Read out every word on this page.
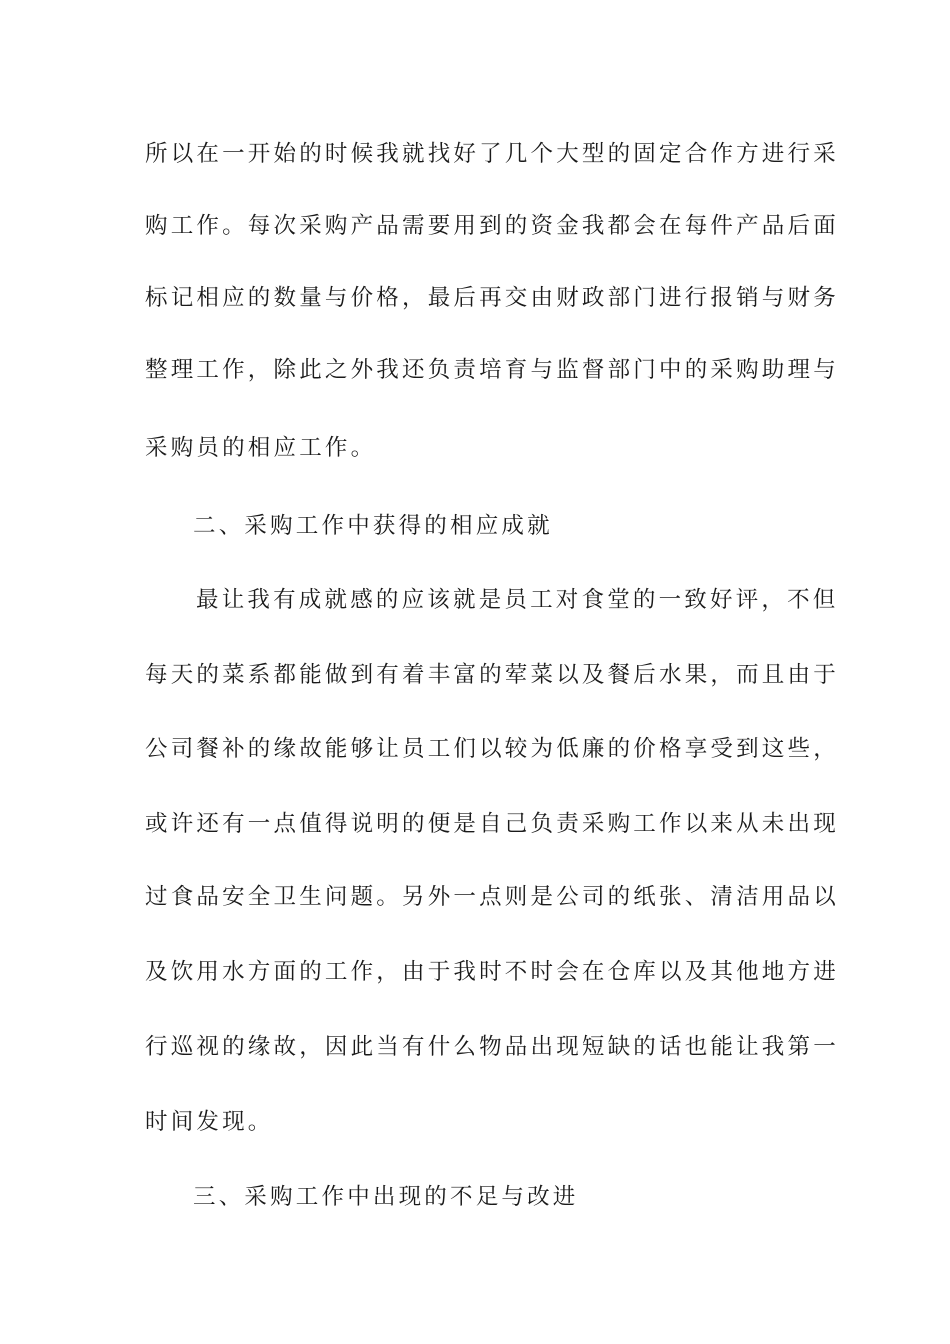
所以在一开始的时候我就找好了几个大型的固定合作方进行采
购工作。每次采购产品需要用到的资金我都会在每件产品后面
标记相应的数量与价格，最后再交由财政部门进行报销与财务
整理工作，除此之外我还负责培育与监督部门中的采购助理与
采购员的相应工作。
二、采购工作中获得的相应成就
最让我有成就感的应该就是员工对食堂的一致好评，不但
每天的菜系都能做到有着丰富的荤菜以及餐后水果，而且由于
公司餐补的缘故能够让员工们以较为低廉的价格享受到这些，
或许还有一点值得说明的便是自己负责采购工作以来从未出现
过食品安全卫生问题。另外一点则是公司的纸张、清洁用品以
及饮用水方面的工作，由于我时不时会在仓库以及其他地方进
行巡视的缘故，因此当有什么物品出现短缺的话也能让我第一
时间发现。
三、采购工作中出现的不足与改进
